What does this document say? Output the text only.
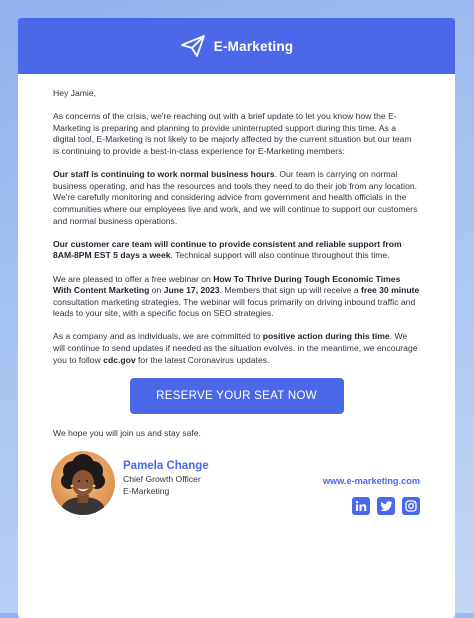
E-Marketing

Hey Jamie,

As concerns of the crisis, we're reaching out with a brief update to let you know how the E-Marketing is preparing and planning to provide uninterrupted support during this time. As a digital tool, E-Marketing is not likely to be majorly affected by the current situation but our team is continuing to provide a best-in-class experience for E-Marketing members:

Our staff is continuing to work normal business hours. Our team is carrying on normal business operating, and has the resources and tools they need to do their job from any location. We're carefully monitoring and considering advice from government and health officials in the communities where our employees live and work, and we will continue to support our customers and normal business operations.

Our customer care team will continue to provide consistent and reliable support from 8AM-8PM EST 5 days a week. Technical support will also continue throughout this time.

We are pleased to offer a free webinar on How To Thrive During Tough Economic Times With Content Marketing on June 17, 2023. Members that sign up will receive a free 30 minute consultation marketing strategies. The webinar will focus primarily on driving inbound traffic and leads to your site, with a specific focus on SEO strategies.

As a company and as individuals, we are committed to positive action during this time. We will continue to send updates if needed as the situation evolves. in the meantime, we encourage you to follow cdc.gov for the latest Coronavirus updates.

RESERVE YOUR SEAT NOW

We hope you will join us and stay safe.

Pamela Change
Chief Growth Officer
E-Marketing
www.e-marketing.com
